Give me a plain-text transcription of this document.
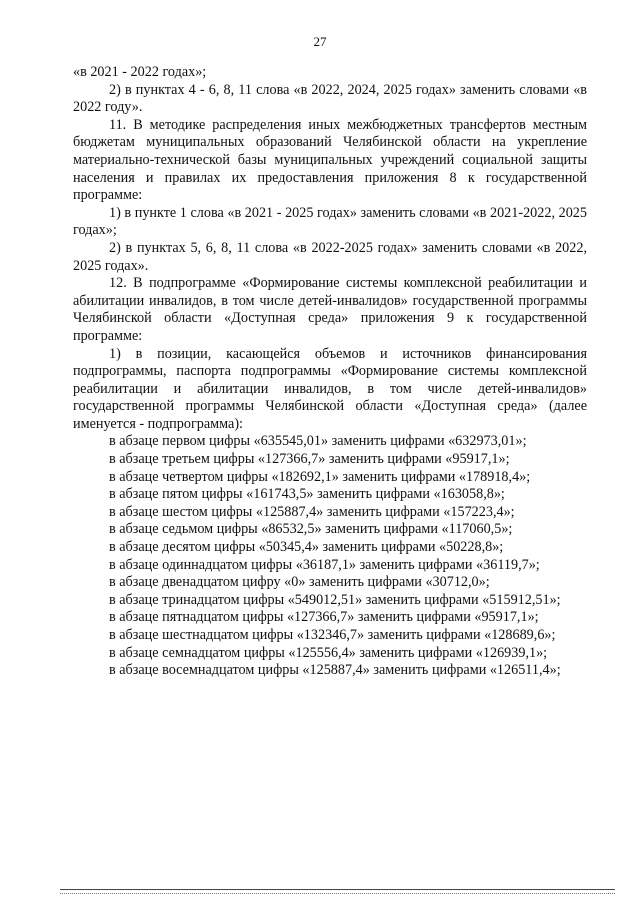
27

«в 2021 - 2022 годах»;

2) в пунктах 4 - 6, 8, 11 слова «в 2022, 2024, 2025 годах» заменить словами «в 2022 году».

11. В методике распределения иных межбюджетных трансфертов местным бюджетам муниципальных образований Челябинской области на укрепление материально-технической базы муниципальных учреждений социальной защиты населения и правилах их предоставления приложения 8 к государственной программе:

1) в пункте 1 слова «в 2021 - 2025 годах» заменить словами «в 2021-2022, 2025 годах»;

2) в пунктах 5, 6, 8, 11 слова «в 2022-2025 годах» заменить словами «в 2022, 2025 годах».

12. В подпрограмме «Формирование системы комплексной реабилитации и абилитации инвалидов, в том числе детей-инвалидов» государственной программы Челябинской области «Доступная среда» приложения 9 к государственной программе:

1) в позиции, касающейся объемов и источников финансирования подпрограммы, паспорта подпрограммы «Формирование системы комплексной реабилитации и абилитации инвалидов, в том числе детей-инвалидов» государственной программы Челябинской области «Доступная среда» (далее именуется - подпрограмма):

в абзаце первом цифры «635545,01» заменить цифрами «632973,01»;
в абзаце третьем цифры «127366,7» заменить цифрами «95917,1»;
в абзаце четвертом цифры «182692,1» заменить цифрами «178918,4»;
в абзаце пятом цифры «161743,5» заменить цифрами «163058,8»;
в абзаце шестом цифры «125887,4» заменить цифрами «157223,4»;
в абзаце седьмом цифры «86532,5» заменить цифрами «117060,5»;
в абзаце десятом цифры «50345,4» заменить цифрами «50228,8»;
в абзаце одиннадцатом цифры «36187,1» заменить цифрами «36119,7»;
в абзаце двенадцатом цифру «0» заменить цифрами «30712,0»;
в абзаце тринадцатом цифры «549012,51» заменить цифрами «515912,51»;
в абзаце пятнадцатом цифры «127366,7» заменить цифрами «95917,1»;
в абзаце шестнадцатом цифры «132346,7» заменить цифрами «128689,6»;
в абзаце семнадцатом цифры «125556,4» заменить цифрами «126939,1»;
в абзаце восемнадцатом цифры «125887,4» заменить цифрами «126511,4»;
